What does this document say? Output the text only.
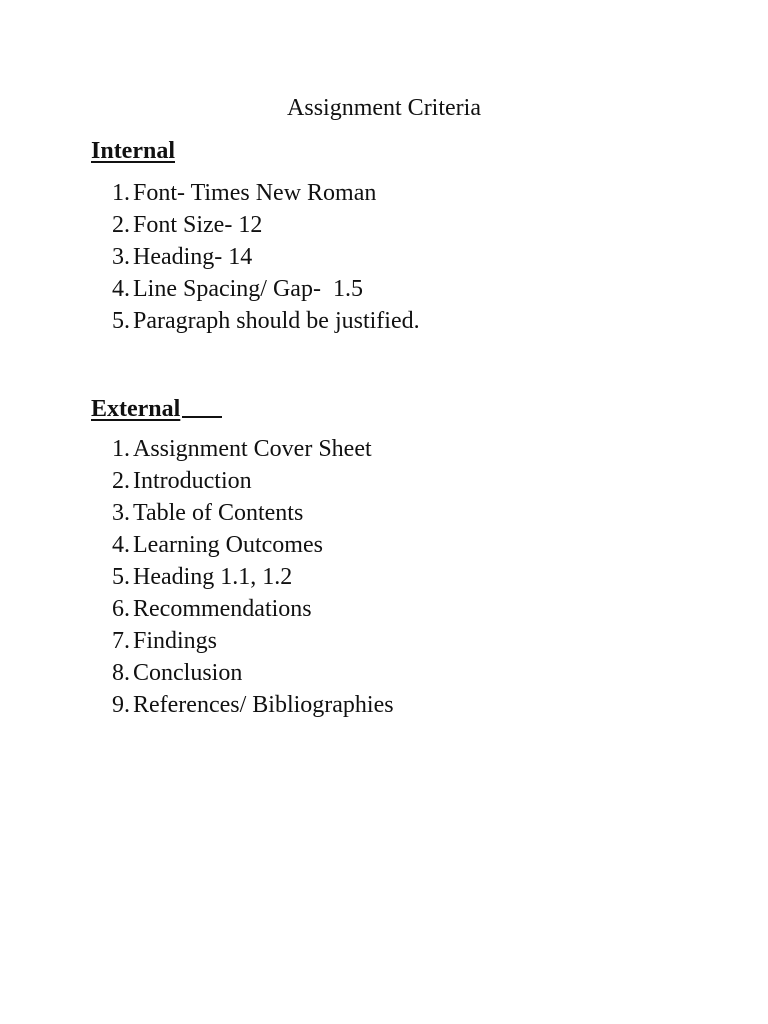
Assignment Criteria
Internal
1. Font- Times New Roman
2. Font Size- 12
3. Heading- 14
4. Line Spacing/ Gap-  1.5
5. Paragraph should be justified.
External
1. Assignment Cover Sheet
2. Introduction
3. Table of Contents
4. Learning Outcomes
5. Heading 1.1, 1.2
6. Recommendations
7. Findings
8. Conclusion
9. References/ Bibliographies
